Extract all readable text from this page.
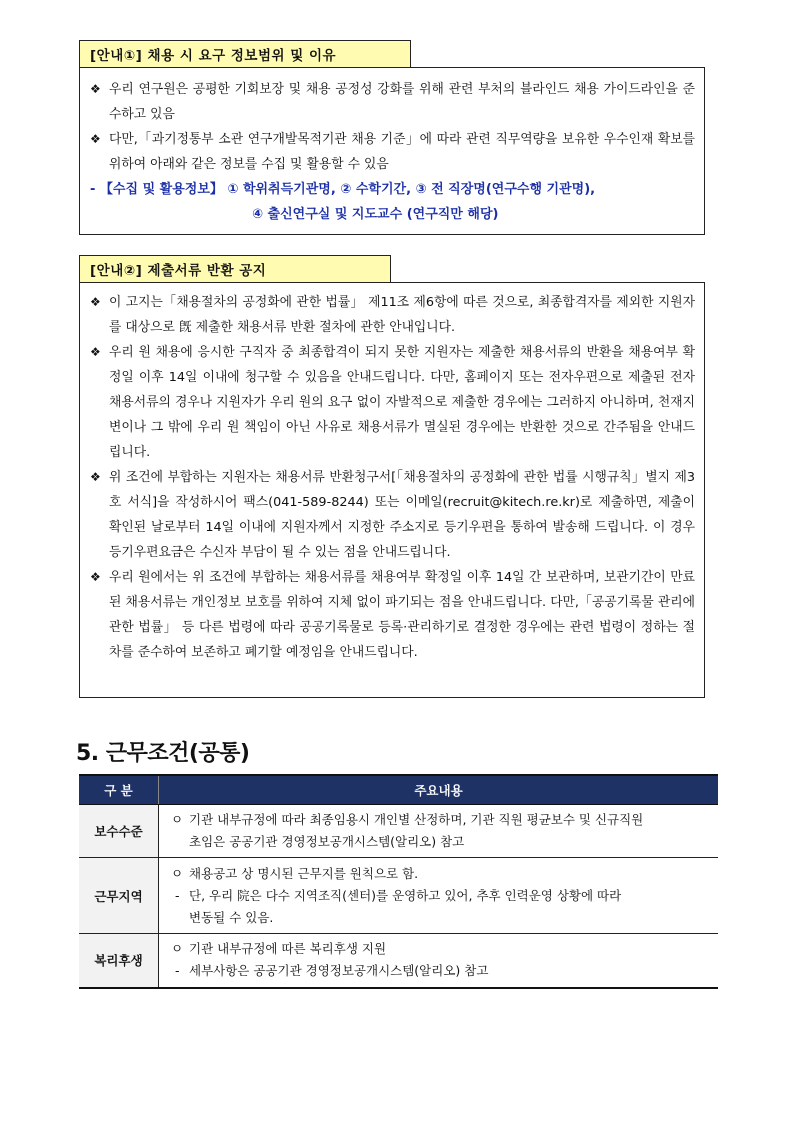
[안내①] 채용 시 요구 정보범위 및 이유
❖ 우리 연구원은 공평한 기회보장 및 채용 공정성 강화를 위해 관련 부처의 블라인드 채용 가이드라인을 준수하고 있음
❖ 다만,「과기정통부 소관 연구개발목적기관 채용 기준」에 따라 관련 직무역량을 보유한 우수인재 확보를 위하여 아래와 같은 정보를 수집 및 활용할 수 있음
- 【수집 및 활용정보】 ① 학위취득기관명, ② 수학기간, ③ 전 직장명(연구수행 기관명),
④ 출신연구실 및 지도교수 (연구직만 해당)
[안내②] 제출서류 반환 공지
❖ 이 고지는「채용절차의 공정화에 관한 법률」 제11조 제6항에 따른 것으로, 최종합격자를 제외한 지원자를 대상으로 旣 제출한 채용서류 반환 절차에 관한 안내입니다.
❖ 우리 원 채용에 응시한 구직자 중 최종합격이 되지 못한 지원자는 제출한 채용서류의 반환을 채용여부 확정일 이후 14일 이내에 청구할 수 있음을 안내드립니다. 다만, 홈페이지 또는 전자우편으로 제출된 전자 채용서류의 경우나 지원자가 우리 원의 요구 없이 자발적으로 제출한 경우에는 그러하지 아니하며, 천재지변이나 그 밖에 우리 원 책임이 아닌 사유로 채용서류가 멸실된 경우에는 반환한 것으로 간주됨을 안내드립니다.
❖ 위 조건에 부합하는 지원자는 채용서류 반환청구서[「채용절차의 공정화에 관한 법률 시행규칙」별지 제3호 서식]을 작성하시어 팩스(041-589-8244) 또는 이메일(recruit@kitech.re.kr)로 제출하면, 제출이 확인된 날로부터 14일 이내에 지원자께서 지정한 주소지로 등기우편을 통하여 발송해 드립니다. 이 경우 등기우편요금은 수신자 부담이 될 수 있는 점을 안내드립니다.
❖ 우리 원에서는 위 조건에 부합하는 채용서류를 채용여부 확정일 이후 14일 간 보관하며, 보관기간이 만료된 채용서류는 개인정보 보호를 위하여 지체 없이 파기되는 점을 안내드립니다. 다만,「공공기록물 관리에 관한 법률」 등 다른 법령에 따라 공공기록물로 등록·관리하기로 결정한 경우에는 관련 법령이 정하는 절차를 준수하여 보존하고 폐기할 예정임을 안내드립니다.
5. 근무조건(공통)
구 분	주요내용
보수수준	ㅇ 기관 내부규정에 따라 최종임용시 개인별 산정하며, 기관 직원 평균보수 및 신규직원
초임은 공공기관 경영정보공개시스템(알리오) 참고

근무지역	ㅇ 채용공고 상 명시된 근무지를 원칙으로 함.
- 단, 우리 院은 다수 지역조직(센터)를 운영하고 있어, 추후 인력운영 상황에 따라
변동될 수 있음.

복리후생	ㅇ 기관 내부규정에 따른 복리후생 지원
- 세부사항은 공공기관 경영정보공개시스템(알리오) 참고
